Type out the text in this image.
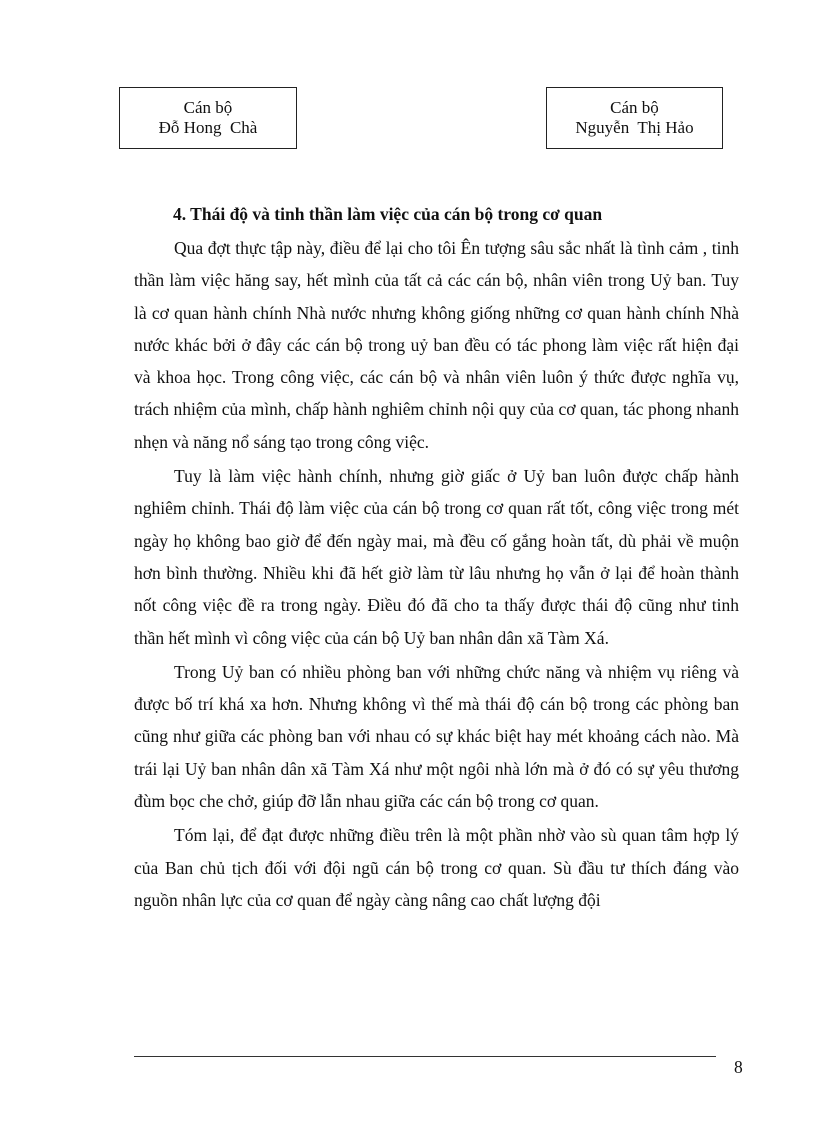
Cán bộ
Đỗ Hong  Chà
Cán bộ
Nguyễn  Thị Hảo
4. Thái độ và tinh thần làm việc của cán bộ trong cơ quan

Qua đợt thực tập này, điều để lại cho tôi Ên tượng sâu sắc nhất là tình cảm , tinh thần làm việc hăng say, hết mình của tất cả các cán bộ, nhân viên trong Uỷ ban. Tuy là cơ quan hành chính Nhà nước nhưng không giống những cơ quan hành chính Nhà nước khác bởi ở đây các cán bộ trong uỷ ban đều có tác phong làm việc rất hiện đại và khoa học. Trong công việc, các cán bộ và nhân viên luôn ý thức được nghĩa vụ, trách nhiệm của mình, chấp hành nghiêm chỉnh nội quy của cơ quan, tác phong nhanh nhẹn và năng nổ sáng tạo trong công việc.

Tuy là làm việc hành chính, nhưng giờ giấc ở Uỷ ban luôn được chấp hành nghiêm chỉnh. Thái độ làm việc của cán bộ trong cơ quan rất tốt, công việc trong mét ngày họ không bao giờ để đến ngày mai, mà đều cố gắng hoàn tất, dù phải về muộn hơn bình thường. Nhiều khi đã hết giờ làm từ lâu nhưng họ vẫn ở lại để hoàn thành nốt công việc đề ra trong ngày. Điều đó đã cho ta thấy được thái độ cũng như tinh thần hết mình vì công việc của cán bộ Uỷ ban nhân dân xã Tàm Xá.

Trong Uỷ ban có nhiều phòng ban với những chức năng và nhiệm vụ riêng và được bố trí khá xa hơn. Nhưng không vì thế mà thái độ cán bộ trong các phòng ban cũng như giữa các phòng ban với nhau có sự khác biệt hay mét khoảng cách nào. Mà trái lại Uỷ ban nhân dân xã Tàm Xá như một ngôi nhà lớn mà ở đó có sự yêu thương đùm bọc che chở, giúp đỡ lẫn nhau giữa các cán bộ trong cơ quan.

Tóm lại, để đạt được những điều trên là một phần nhờ vào sù quan tâm hợp lý của Ban chủ tịch đối với đội ngũ cán bộ trong cơ quan. Sù đầu tư thích đáng vào nguồn nhân lực của cơ quan để ngày càng nâng cao chất lượng đội

8
